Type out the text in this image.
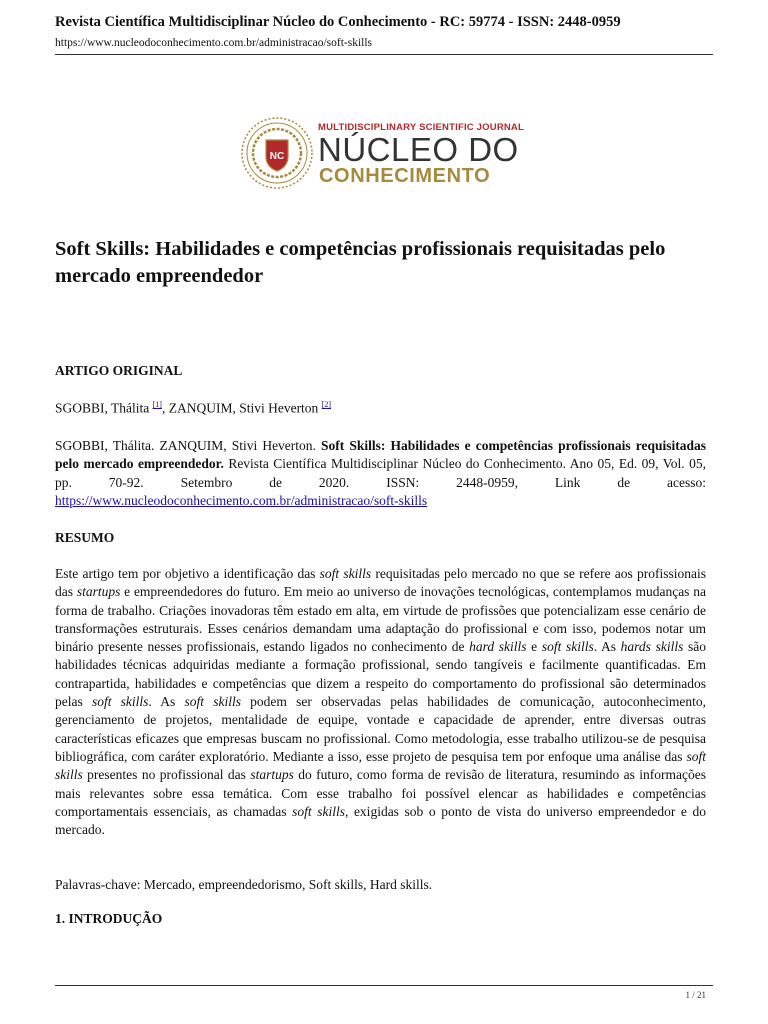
Revista Científica Multidisciplinar Núcleo do Conhecimento - RC: 59774 - ISSN: 2448-0959
https://www.nucleodoconhecimento.com.br/administracao/soft-skills
NC
MULTIDISCIPLINARY SCIENTIFIC JOURNAL
NÚCLEO DO
CONHECIMENTO
Soft Skills: Habilidades e competências profissionais requisitadas pelo mercado empreendedor
ARTIGO ORIGINAL
SGOBBI, Thálita [1], ZANQUIM, Stivi Heverton [2]
SGOBBI, Thálita. ZANQUIM, Stivi Heverton. Soft Skills: Habilidades e competências profissionais requisitadas pelo mercado empreendedor. Revista Científica Multidisciplinar Núcleo do Conhecimento. Ano 05, Ed. 09, Vol. 05, pp. 70-92. Setembro de 2020. ISSN: 2448-0959, Link de acesso: https://www.nucleodoconhecimento.com.br/administracao/soft-skills
RESUMO
Este artigo tem por objetivo a identificação das soft skills requisitadas pelo mercado no que se refere aos profissionais das startups e empreendedores do futuro. Em meio ao universo de inovações tecnológicas, contemplamos mudanças na forma de trabalho. Criações inovadoras têm estado em alta, em virtude de profissões que potencializam esse cenário de transformações estruturais. Esses cenários demandam uma adaptação do profissional e com isso, podemos notar um binário presente nesses profissionais, estando ligados no conhecimento de hard skills e soft skills. As hards skills são habilidades técnicas adquiridas mediante a formação profissional, sendo tangíveis e facilmente quantificadas. Em contrapartida, habilidades e competências que dizem a respeito do comportamento do profissional são determinados pelas soft skills. As soft skills podem ser observadas pelas habilidades de comunicação, autoconhecimento, gerenciamento de projetos, mentalidade de equipe, vontade e capacidade de aprender, entre diversas outras características eficazes que empresas buscam no profissional. Como metodologia, esse trabalho utilizou-se de pesquisa bibliográfica, com caráter exploratório. Mediante a isso, esse projeto de pesquisa tem por enfoque uma análise das soft skills presentes no profissional das startups do futuro, como forma de revisão de literatura, resumindo as informações mais relevantes sobre essa temática. Com esse trabalho foi possível elencar as habilidades e competências comportamentais essenciais, as chamadas soft skills, exigidas sob o ponto de vista do universo empreendedor e do mercado.
Palavras-chave: Mercado, empreendedorismo, Soft skills, Hard skills.
1. INTRODUÇÃO
1 / 21
